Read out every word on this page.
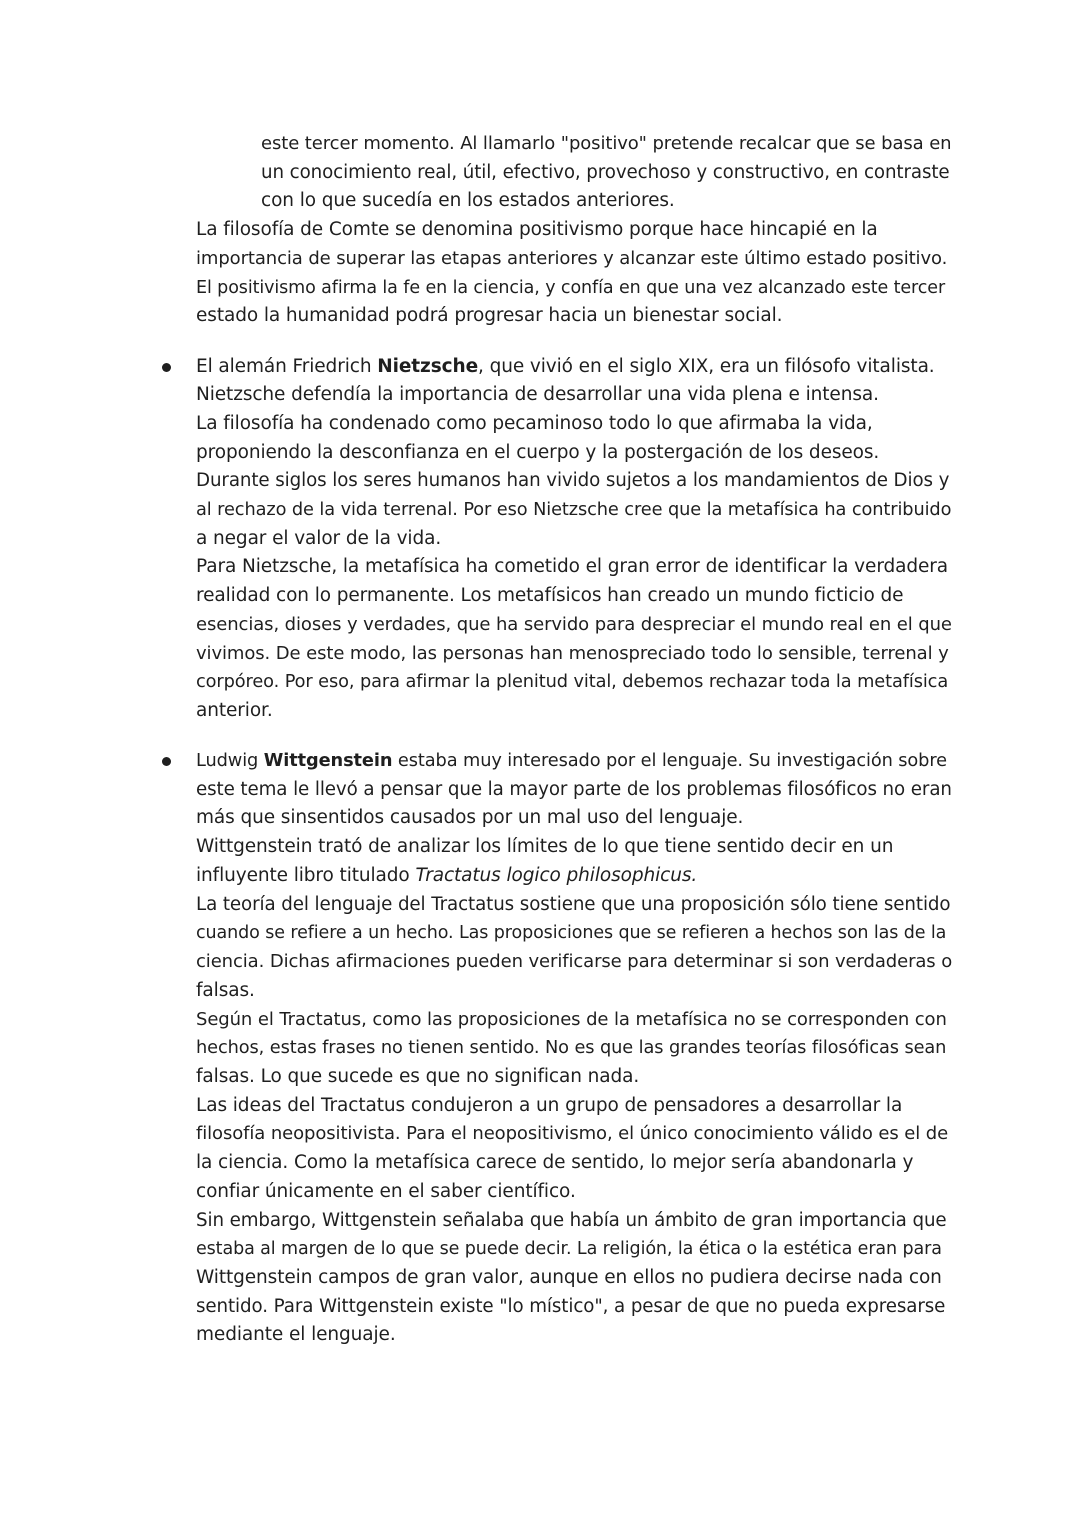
este tercer momento. Al llamarlo "positivo" pretende recalcar que se basa en
un conocimiento real, útil, efectivo, provechoso y constructivo, en contraste
con lo que sucedía en los estados anteriores.
La filosofía de Comte se denomina positivismo porque hace hincapié en la
importancia de superar las etapas anteriores y alcanzar este último estado positivo.
El positivismo afirma la fe en la ciencia, y confía en que una vez alcanzado este tercer
estado la humanidad podrá progresar hacia un bienestar social.
El alemán Friedrich Nietzsche, que vivió en el siglo XIX, era un filósofo vitalista.
Nietzsche defendía la importancia de desarrollar una vida plena e intensa.
La filosofía ha condenado como pecaminoso todo lo que afirmaba la vida,
proponiendo la desconfianza en el cuerpo y la postergación de los deseos.
Durante siglos los seres humanos han vivido sujetos a los mandamientos de Dios y
al rechazo de la vida terrenal. Por eso Nietzsche cree que la metafísica ha contribuido
a negar el valor de la vida.
Para Nietzsche, la metafísica ha cometido el gran error de identificar la verdadera
realidad con lo permanente. Los metafísicos han creado un mundo ficticio de
esencias, dioses y verdades, que ha servido para despreciar el mundo real en el que
vivimos. De este modo, las personas han menospreciado todo lo sensible, terrenal y
corpóreo. Por eso, para afirmar la plenitud vital, debemos rechazar toda la metafísica
anterior.
Ludwig Wittgenstein estaba muy interesado por el lenguaje. Su investigación sobre
este tema le llevó a pensar que la mayor parte de los problemas filosóficos no eran
más que sinsentidos causados por un mal uso del lenguaje.
Wittgenstein trató de analizar los límites de lo que tiene sentido decir en un
influyente libro titulado Tractatus logico philosophicus.
La teoría del lenguaje del Tractatus sostiene que una proposición sólo tiene sentido
cuando se refiere a un hecho. Las proposiciones que se refieren a hechos son las de la
ciencia. Dichas afirmaciones pueden verificarse para determinar si son verdaderas o
falsas.
Según el Tractatus, como las proposiciones de la metafísica no se corresponden con
hechos, estas frases no tienen sentido. No es que las grandes teorías filosóficas sean
falsas. Lo que sucede es que no significan nada.
Las ideas del Tractatus condujeron a un grupo de pensadores a desarrollar la
filosofía neopositivista. Para el neopositivismo, el único conocimiento válido es el de
la ciencia. Como la metafísica carece de sentido, lo mejor sería abandonarla y
confiar únicamente en el saber científico.
Sin embargo, Wittgenstein señalaba que había un ámbito de gran importancia que
estaba al margen de lo que se puede decir. La religión, la ética o la estética eran para
Wittgenstein campos de gran valor, aunque en ellos no pudiera decirse nada con
sentido. Para Wittgenstein existe "lo místico", a pesar de que no pueda expresarse
mediante el lenguaje.
